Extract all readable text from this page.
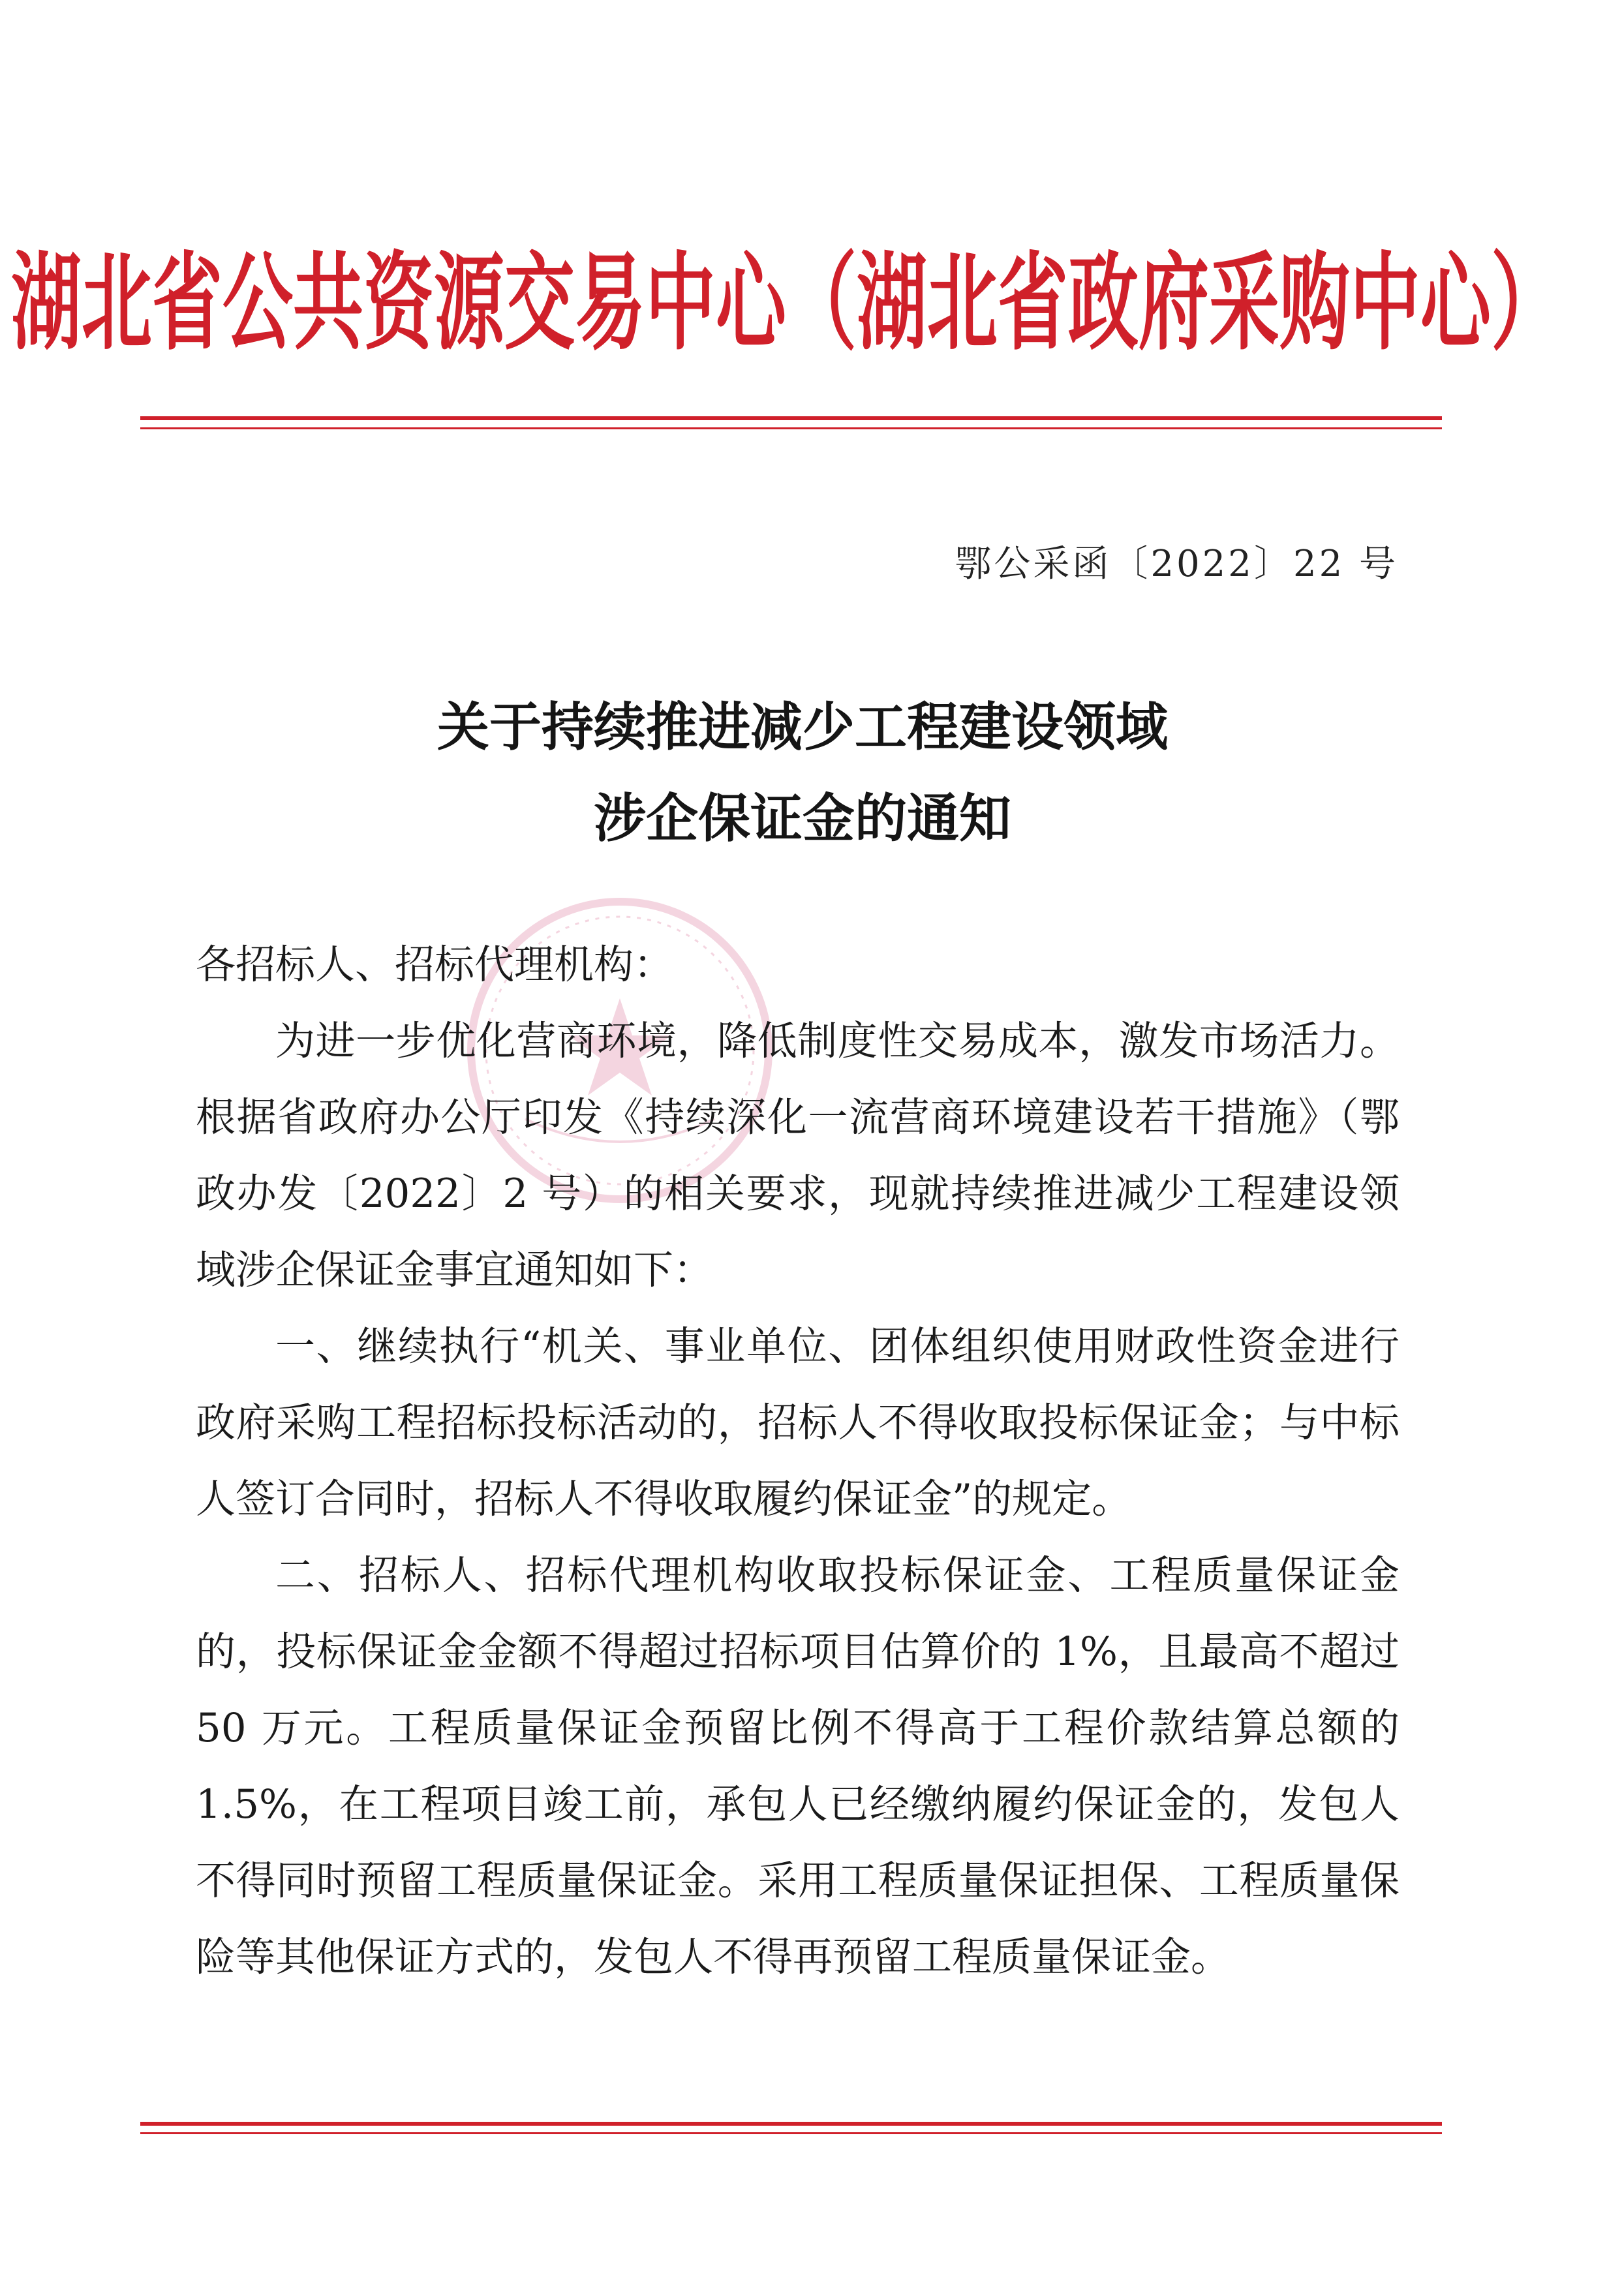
湖北省公共资源交易中心（湖北省政府采购中心）
鄂公采函〔2022〕22 号
关于持续推进减少工程建设领域
涉企保证金的通知

各招标人、招标代理机构：

为进一步优化营商环境，降低制度性交易成本，激发市场活力。根据省政府办公厅印发《持续深化一流营商环境建设若干措施》（鄂政办发〔2022〕2 号）的相关要求，现就持续推进减少工程建设领域涉企保证金事宜通知如下：

一、继续执行“机关、事业单位、团体组织使用财政性资金进行政府采购工程招标投标活动的，招标人不得收取投标保证金；与中标人签订合同时，招标人不得收取履约保证金”的规定。

二、招标人、招标代理机构收取投标保证金、工程质量保证金的，投标保证金金额不得超过招标项目估算价的 1%，且最高不超过 50 万元。工程质量保证金预留比例不得高于工程价款结算总额的 1.5%，在工程项目竣工前，承包人已经缴纳履约保证金的，发包人不得同时预留工程质量保证金。采用工程质量保证担保、工程质量保险等其他保证方式的，发包人不得再预留工程质量保证金。
